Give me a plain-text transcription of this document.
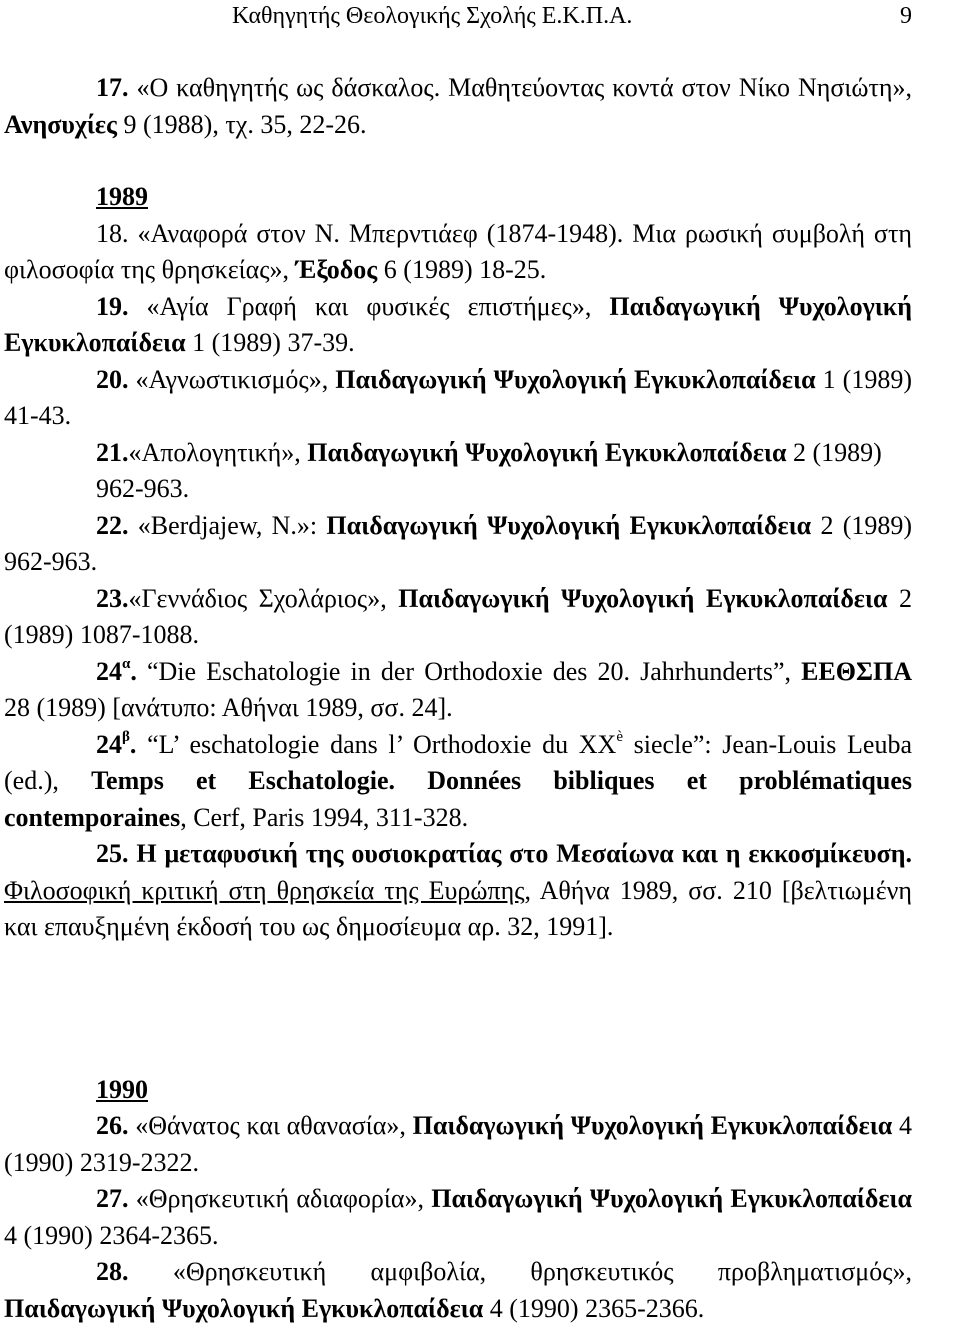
Καθηγητής Θεολογικής Σχολής Ε.Κ.Π.Α.	9

17. «Ο καθηγητής ως δάσκαλος. Μαθητεύοντας κοντά στον Νίκο Νησιώτη», Ανησυχίες 9 (1988), τχ. 35, 22-26.

1989

18. «Αναφορά στον Ν. Μπερντιάεφ (1874-1948). Μια ρωσική συμβολή στη φιλοσοφία της θρησκείας», Έξοδος 6 (1989) 18-25.

19. «Αγία Γραφή και φυσικές επιστήμες», Παιδαγωγική Ψυχολογική Εγκυκλοπαίδεια 1 (1989) 37-39.

20. «Αγνωστικισμός», Παιδαγωγική Ψυχολογική Εγκυκλοπαίδεια 1 (1989) 41-43.

21.«Απολογητική», Παιδαγωγική Ψυχολογική Εγκυκλοπαίδεια 2 (1989)

962-963.

22. «Berdjajew, N.»: Παιδαγωγική Ψυχολογική Εγκυκλοπαίδεια 2 (1989) 962-963.

23.«Γεννάδιος Σχολάριος», Παιδαγωγική Ψυχολογική Εγκυκλοπαίδεια 2 (1989) 1087-1088.

$24^\alpha$. “Die Eschatologie in der Orthodoxie des 20. Jahrhunderts”, ΕΕΘΣΠΑ 28 (1989) [ανάτυπο: Αθήναι 1989, σσ. 24].

$24^\beta$. “L’ eschatologie dans l’ Orthodoxie du $XX^è$ siecle”: Jean-Louis Leuba (ed.), Temps et Eschatologie. Données bibliques et problématiques contemporaines, Cerf, Paris 1994, 311-328.

25. Η μεταφυσική της ουσιοκρατίας στο Μεσαίωνα και η εκκοσμίκευση. Φιλοσοφική κριτική στη θρησκεία της Ευρώπης, Αθήνα 1989, σσ. 210 [βελτιωμένη και επαυξημένη έκδοσή του ως δημοσίευμα αρ. 32, 1991].

1990

26. «Θάνατος και αθανασία», Παιδαγωγική Ψυχολογική Εγκυκλοπαίδεια 4 (1990) 2319-2322.

27. «Θρησκευτική αδιαφορία», Παιδαγωγική Ψυχολογική Εγκυκλοπαίδεια 4 (1990) 2364-2365.

28. «Θρησκευτική αμφιβολία, θρησκευτικός προβληματισμός», Παιδαγωγική Ψυχολογική Εγκυκλοπαίδεια 4 (1990) 2365-2366.
